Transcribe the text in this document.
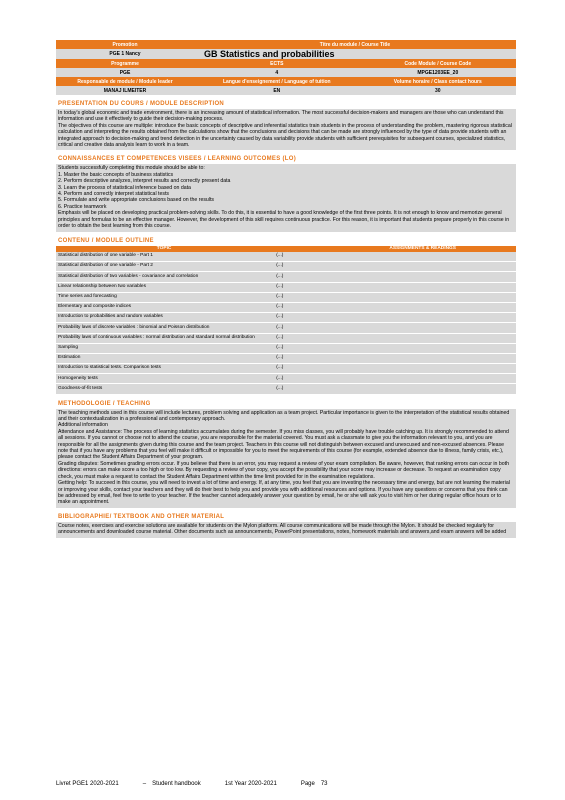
Promotion	Titre du module / Course Title	
PGE 1 Nancy	GB Statistics and probabilities	
Programme	ECTS	Code Module / Course Code
PGE	4	MPGE1203EE_20
Responsable de module / Module leader	Langue d'enseignement / Language of tuition	Volume horaire / Class contact hours
MANAJ ILMEITER	EN	30
PRESENTATION DU COURS / MODULE DESCRIPTION

In today's global economic and trade environment, there is an increasing amount of statistical information. The most successful decision-makers and managers are those who can understand this information and use it effectively to guide their decision-making process.

The objectives of this course are multiple: introduce the basic concepts of descriptive and inferential statistics train students in the process of understanding the problem, mastering rigorous statistical calculation and interpreting the results obtained from the calculations show that the conclusions and decisions that can be made are strongly influenced by the type of data provide students with an integrated approach to decision-making and trend detection in the uncertainty caused by data variability provide students with sufficient prerequisites for subsequent courses, specialized statistics, critical and creative data analysis learn to work in a team.

CONNAISSANCES ET COMPETENCES VISEES / LEARNING OUTCOMES (LO)

Students successfully completing this module should be able to:

1. Master the basic concepts of business statistics

2. Perform descriptive analyzes, interpret results and correctly present data

3. Learn the process of statistical inference based on data

4. Perform and correctly interpret statistical tests

5. Formulate and write appropriate conclusions based on the results

6. Practice teamwork

Emphasis will be placed on developing practical problem-solving skills. To do this, it is essential to have a good knowledge of the first three points. It is not enough to know and memorize general principles and formulas to be an effective manager. However, the development of this skill requires continuous practice. For this reason, it is important that students prepare properly in this course in order to obtain the best learning from this course.

CONTENU / MODULE OUTLINE
TOPIC	ASSIGNMENTS & READINGS
Statistical distribution of one variable - Part 1	(...)
Statistical distribution of one variable - Part 2	(...)
Statistical distribution of two variables - covariance and correlation	(...)
Linear relationship between two variables	(...)
Time series and forecasting	(...)
Elementary and composite indices	(...)
Introduction to probabilities and random variables	(...)
Probability laws of discrete variables : binomial and Poisson distribution	(...)
Probability laws of continuous variables : normal distribution and standard normal distribution	(...)
Sampling	(...)
Estimation	(...)
Introduction to statistical tests. Comparison tests	(...)
Homogeneity tests	(...)
Goodness-of-fit tests	(...)
METHODOLOGIE / TEACHING

The teaching methods used in this course will include lectures, problem solving and application as a team project. Particular importance is given to the interpretation of the statistical results obtained and their contextualization in a professional and contemporary approach.

Additional information

Attendance and Assistance: The process of learning statistics accumulates during the semester. If you miss classes, you will probably have trouble catching up. It is strongly recommended to attend all sessions. If you cannot or choose not to attend the course, you are responsible for the material covered. You must ask a classmate to give you the information relevant to you, and you are responsible for all the assignments given during this course and the team project. Teachers in this course will not distinguish between excused and unexcused and non-excused absences. Please note that if you have any problems that you feel will make it difficult or impossible for you to meet the requirements of this course (for example, extended absence due to illness, family crisis, etc.), please contact the Student Affairs Department of your program.

Grading disputes: Sometimes grading errors occur. If you believe that there is an error, you may request a review of your exam compilation. Be aware, however, that ranking errors can occur in both directions: errors can make score a too high or too low. By requesting a review of your copy, you accept the possibility that your score may increase or decrease. To request an examination copy check, you must make a request to contact the Student Affairs Department within the time limit provided for in the examination regulations.

Getting help: To succeed in this course, you will need to invest a lot of time and energy. If, at any time, you feel that you are investing the necessary time and energy, but are not learning the material or improving your skills, contact your teachers and they will do their best to help you and provide you with additional resources and options. If you have any questions or concerns that you think can be addressed by email, feel free to write to your teacher. If the teacher cannot adequately answer your question by email, he or she will ask you to visit him or her during regular office hours or to make an appointment.

BIBLIOGRAPHIE/ TEXTBOOK AND OTHER MATERIAL

Course notes, exercises and exercise solutions are available for students on the Mylon platform. All course communications will be made through the Mylon. It should be checked regularly for announcements and downloaded course material. Other documents such as announcements, PowerPoint presentations, notes, homework materials and answers,and exam answers will be added

Livret PGE1 2020-2021	– Student handbook	1st Year 2020-2021	Page 73
